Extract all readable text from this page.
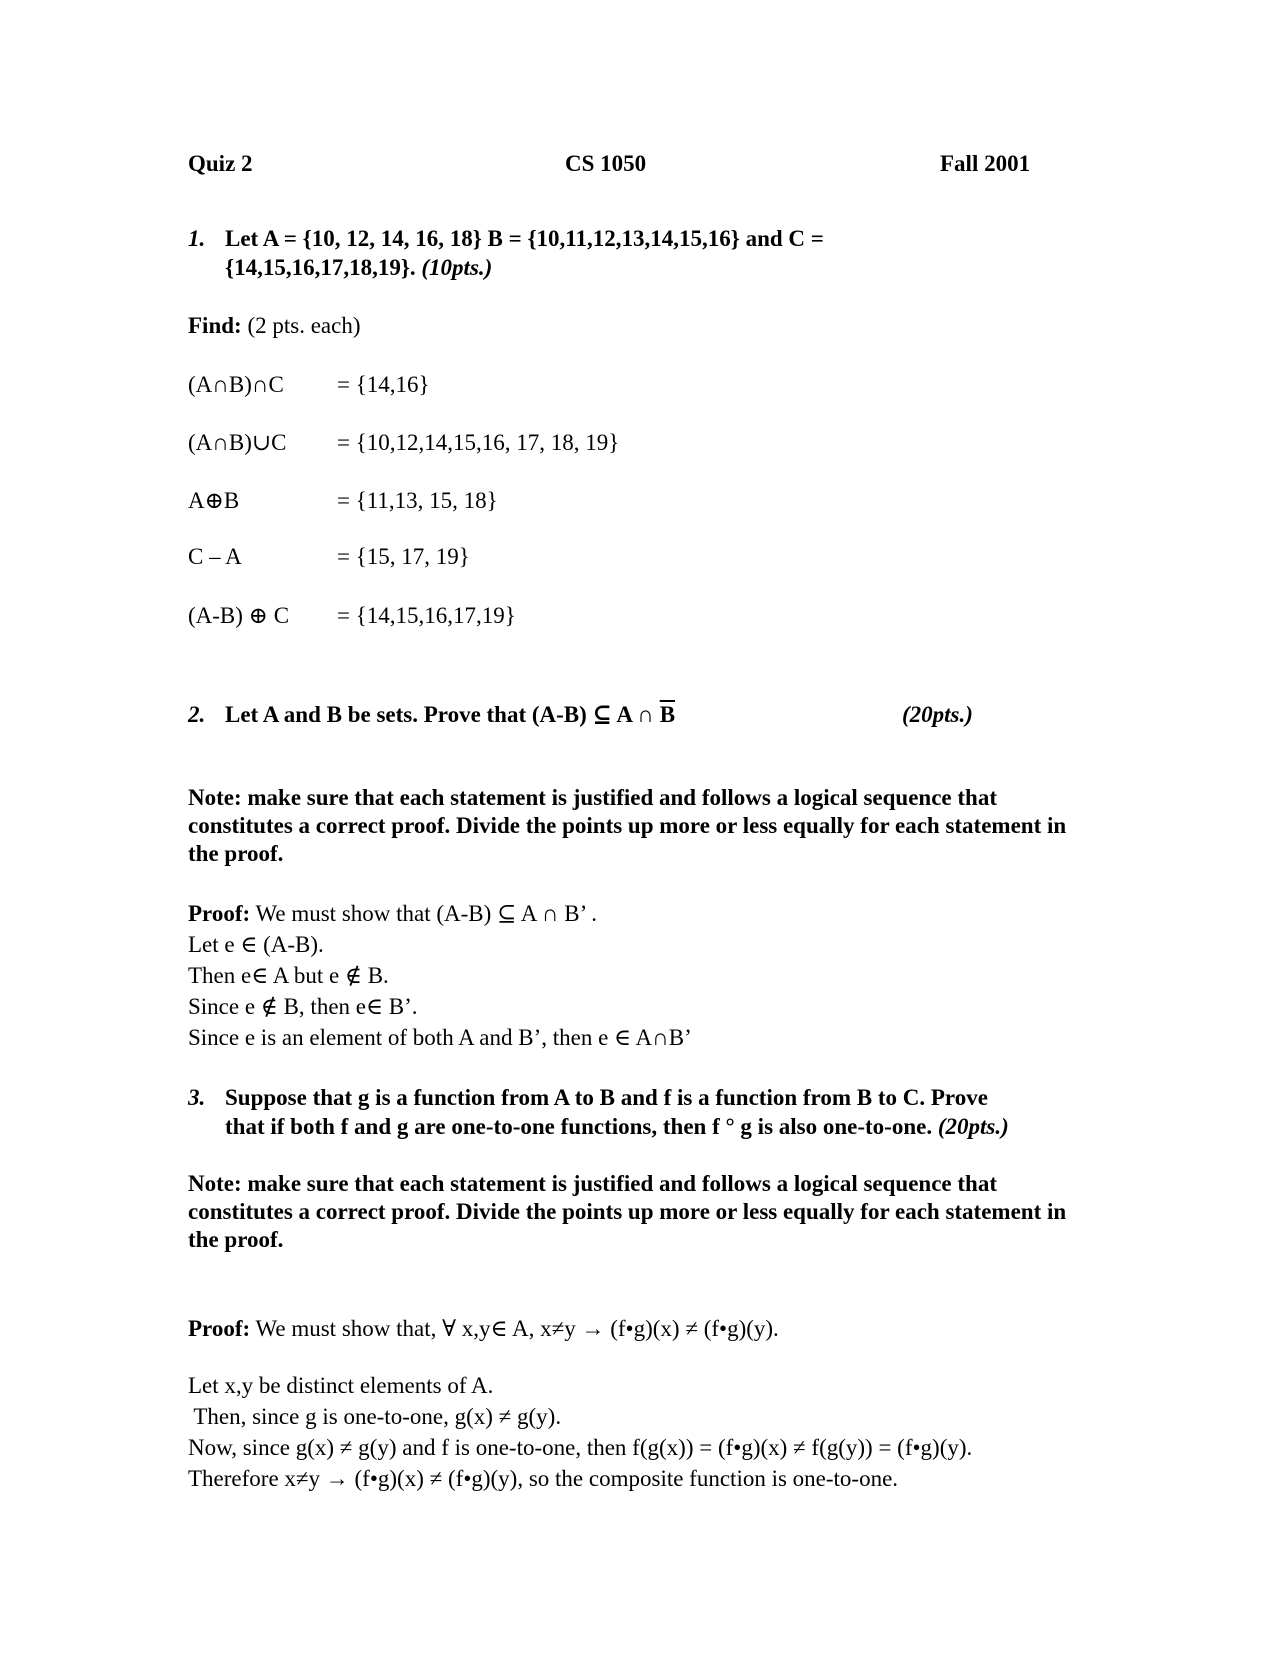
Quiz 2	CS 1050	Fall 2001
1. Let A = {10, 12, 14, 16, 18} B = {10,11,12,13,14,15,16} and C =
{14,15,16,17,18,19}. (10pts.)
Find: (2 pts. each)
(A∩B)∩C = {14,16}
(A∩B)∪C = {10,12,14,15,16, 17, 18, 19}
A⊕B	= {11,13, 15, 18}
C – A	= {15, 17, 19}
(A-B) ⊕ C = {14,15,16,17,19}
2. Let A and B be sets. Prove that (A-B) ⊆ A ∩ $\overline{B}$	(20pts.)
Note: make sure that each statement is justified and follows a logical sequence that constitutes a correct proof. Divide the points up more or less equally for each statement in the proof.
Proof: We must show that (A-B) ⊆ A ∩ B’ .
Let e ∈ (A-B).
Then e∈ A but e ∉ B.
Since e ∉ B, then e∈ B’.
Since e is an element of both A and B’, then e ∈ A∩B’
3. Suppose that g is a function from A to B and f is a function from B to C. Prove
that if both f and g are one-to-one functions, then f ° g is also one-to-one. (20pts.)
Note: make sure that each statement is justified and follows a logical sequence that constitutes a correct proof. Divide the points up more or less equally for each statement in the proof.
Proof: We must show that, ∀ x,y∈ A, x≠y → (f•g)(x) ≠ (f•g)(y).
Let x,y be distinct elements of A.
Then, since g is one-to-one, g(x) ≠ g(y).
Now, since g(x) ≠ g(y) and f is one-to-one, then f(g(x)) = (f•g)(x) ≠ f(g(y)) = (f•g)(y).
Therefore x≠y → (f•g)(x) ≠ (f•g)(y), so the composite function is one-to-one.
